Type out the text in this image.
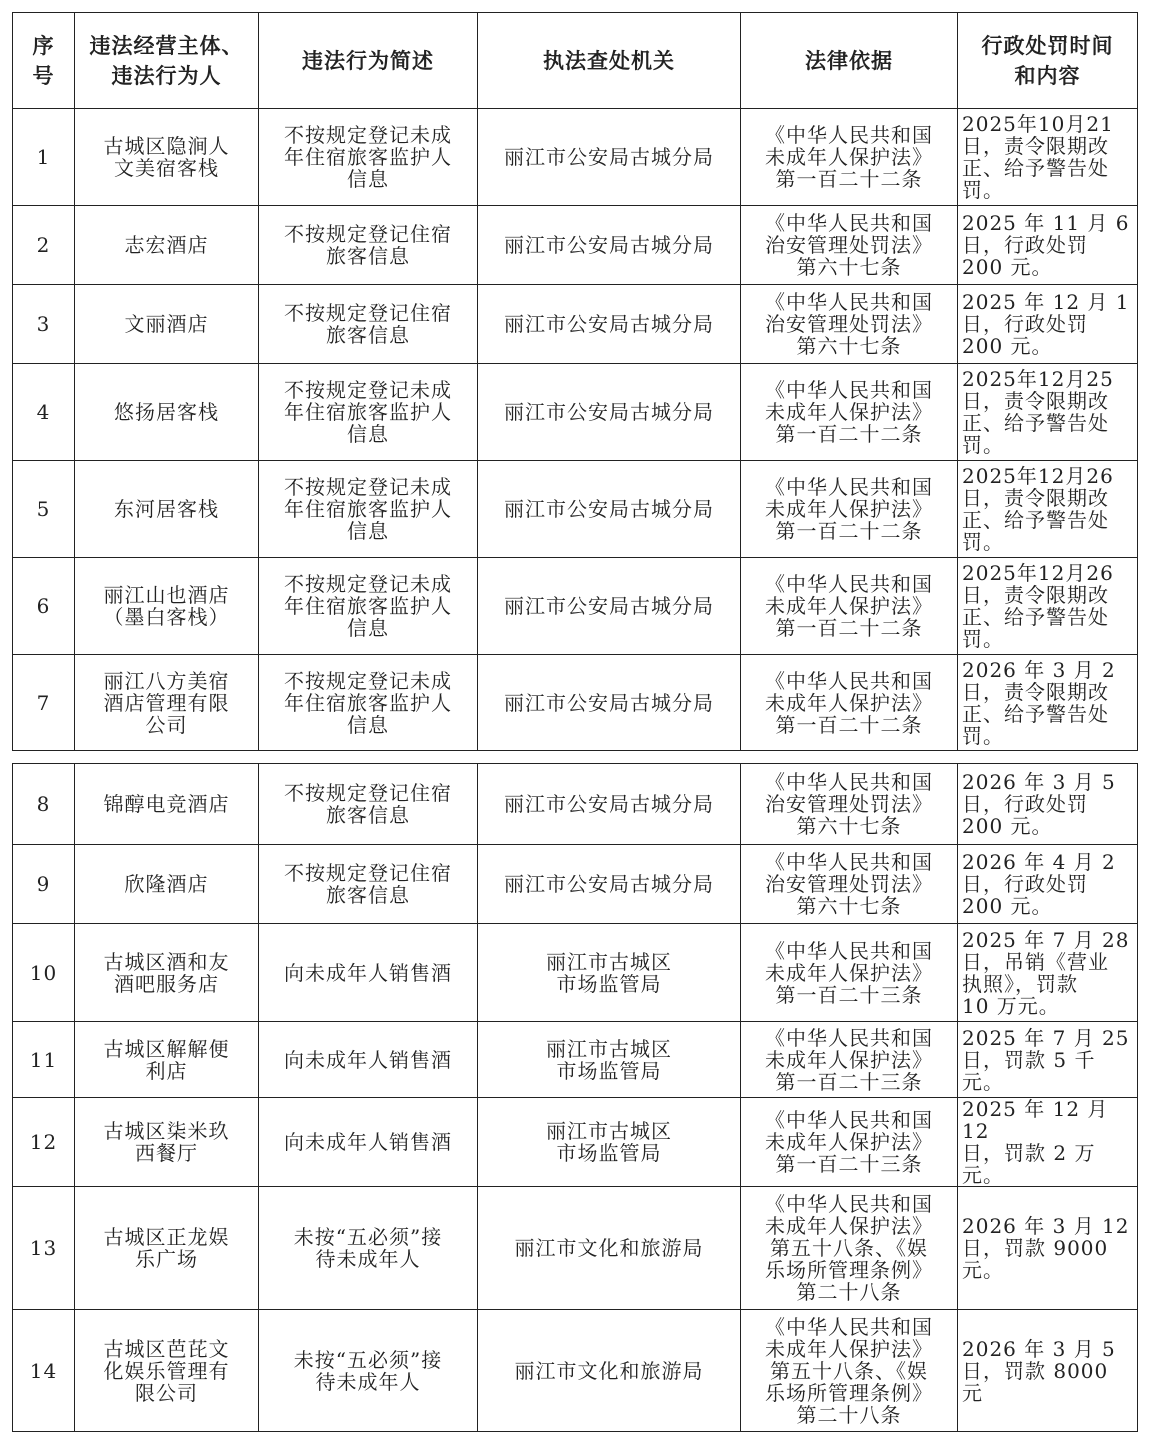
序
号	违法经营主体、
违法行为人	违法行为简述	执法查处机关	法律依据	行政处罚时间
和内容
1	古城区隐涧人
文美宿客栈	不按规定登记未成
年住宿旅客监护人
信息	丽江市公安局古城分局	《中华人民共和国
未成年人保护法》
第一百二十二条	2025年10月21
日，责令限期改
正、给予警告处
罚。
2	志宏酒店	不按规定登记住宿
旅客信息	丽江市公安局古城分局	《中华人民共和国
治安管理处罚法》
第六十七条	2025 年 11 月 6
日，行政处罚
200 元。
3	文丽酒店	不按规定登记住宿
旅客信息	丽江市公安局古城分局	《中华人民共和国
治安管理处罚法》
第六十七条	2025 年 12 月 1
日，行政处罚
200 元。
4	悠扬居客栈	不按规定登记未成
年住宿旅客监护人
信息	丽江市公安局古城分局	《中华人民共和国
未成年人保护法》
第一百二十二条	2025年12月25
日，责令限期改
正、给予警告处
罚。
5	东河居客栈	不按规定登记未成
年住宿旅客监护人
信息	丽江市公安局古城分局	《中华人民共和国
未成年人保护法》
第一百二十二条	2025年12月26
日，责令限期改
正、给予警告处
罚。
6	丽江山也酒店
（墨白客栈）	不按规定登记未成
年住宿旅客监护人
信息	丽江市公安局古城分局	《中华人民共和国
未成年人保护法》
第一百二十二条	2025年12月26
日，责令限期改
正、给予警告处
罚。
7	丽江八方美宿
酒店管理有限
公司	不按规定登记未成
年住宿旅客监护人
信息	丽江市公安局古城分局	《中华人民共和国
未成年人保护法》
第一百二十二条	2026 年 3 月 2
日，责令限期改
正、给予警告处
罚。
8	锦醇电竞酒店	不按规定登记住宿
旅客信息	丽江市公安局古城分局	《中华人民共和国
治安管理处罚法》
第六十七条	2026 年 3 月 5
日，行政处罚
200 元。
9	欣隆酒店	不按规定登记住宿
旅客信息	丽江市公安局古城分局	《中华人民共和国
治安管理处罚法》
第六十七条	2026 年 4 月 2
日，行政处罚
200 元。
10	古城区酒和友
酒吧服务店	向未成年人销售酒	丽江市古城区
市场监管局	《中华人民共和国
未成年人保护法》
第一百二十三条	2025 年 7 月 28
日，吊销《营业
执照》，罚款
10 万元。
11	古城区解解便
利店	向未成年人销售酒	丽江市古城区
市场监管局	《中华人民共和国
未成年人保护法》
第一百二十三条	2025 年 7 月 25
日，罚款 5 千
元。
12	古城区柒米玖
西餐厅	向未成年人销售酒	丽江市古城区
市场监管局	《中华人民共和国
未成年人保护法》
第一百二十三条	2025 年 12 月 12
日，罚款 2 万
元。
13	古城区正龙娱
乐广场	未按“五必须”接
待未成年人	丽江市文化和旅游局	《中华人民共和国
未成年人保护法》
第五十八条、《娱
乐场所管理条例》
第二十八条	2026 年 3 月 12
日，罚款 9000
元。
14	古城区芭芘文
化娱乐管理有
限公司	未按“五必须”接
待未成年人	丽江市文化和旅游局	《中华人民共和国
未成年人保护法》
第五十八条、《娱
乐场所管理条例》
第二十八条	2026 年 3 月 5
日，罚款 8000
元
